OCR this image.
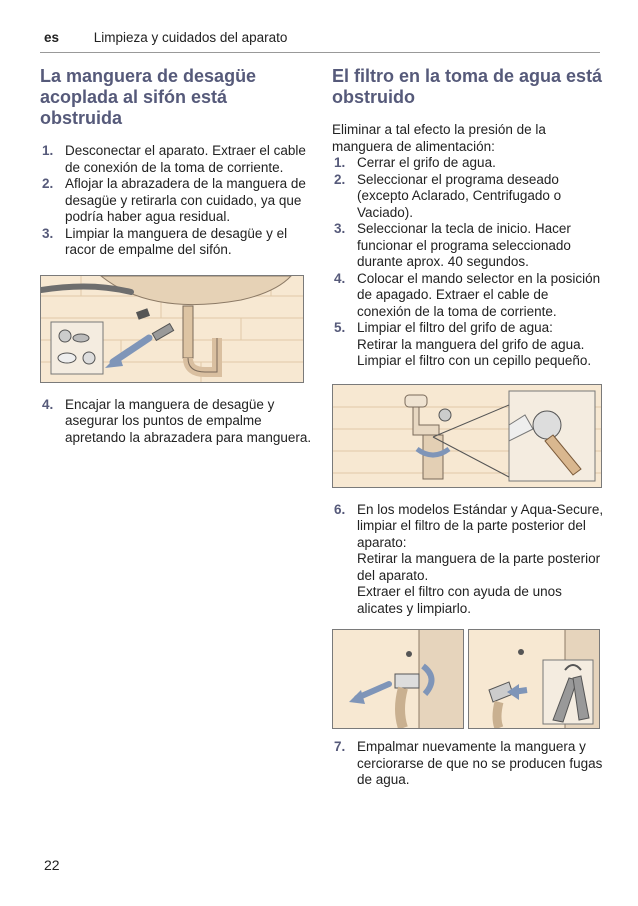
es	Limpieza y cuidados del aparato
La manguera de desagüe acoplada al sifón está obstruida
1. Desconectar el aparato. Extraer el cable de conexión de la toma de corriente.
2. Aflojar la abrazadera de la manguera de desagüe y retirarla con cuidado, ya que podría haber agua residual.
3. Limpiar la manguera de desagüe y el racor de empalme del sifón.
4. Encajar la manguera de desagüe y asegurar los puntos de empalme apretando la abrazadera para manguera.
El filtro en la toma de agua está obstruido

Eliminar a tal efecto la presión de la manguera de alimentación:

1. Cerrar el grifo de agua.
2. Seleccionar el programa deseado (excepto Aclarado, Centrifugado o Vaciado).
3. Seleccionar la tecla de inicio. Hacer funcionar el programa seleccionado durante aprox. 40 segundos.
4. Colocar el mando selector en la posición de apagado. Extraer el cable de conexión de la toma de corriente.
5. Limpiar el filtro del grifo de agua:
Retirar la manguera del grifo de agua.
Limpiar el filtro con un cepillo pequeño.
6. En los modelos Estándar y Aqua-Secure, limpiar el filtro de la parte posterior del aparato:
Retirar la manguera de la parte posterior del aparato.
Extraer el filtro con ayuda de unos alicates y limpiarlo.
7. Empalmar nuevamente la manguera y cerciorarse de que no se producen fugas de agua.
22
